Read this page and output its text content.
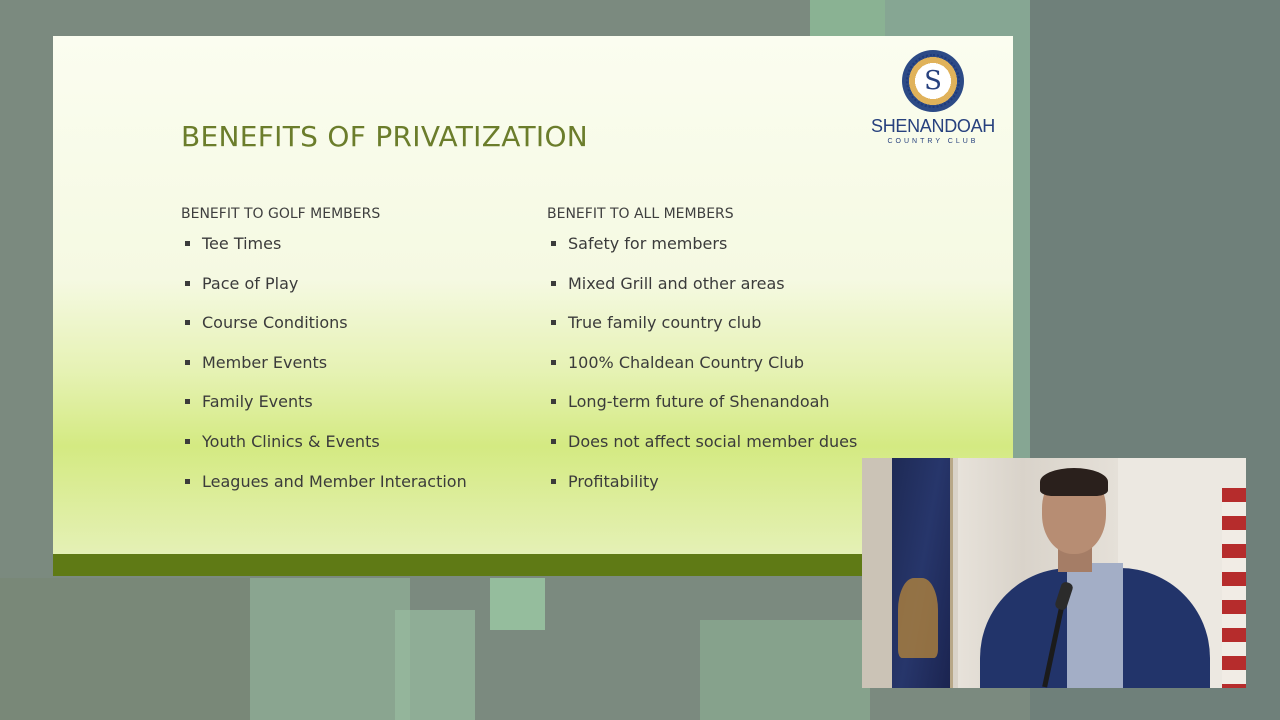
BENEFITS OF PRIVATIZATION
S
SHENANDOAH
COUNTRY CLUB
BENEFIT TO GOLF MEMBERS
Tee Times
Pace of Play
Course Conditions
Member Events
Family Events
Youth Clinics & Events
Leagues and Member Interaction
BENEFIT TO ALL MEMBERS
Safety for members
Mixed Grill and other areas
True family country club
100% Chaldean Country Club
Long-term future of Shenandoah
Does not affect social member dues
Profitability
